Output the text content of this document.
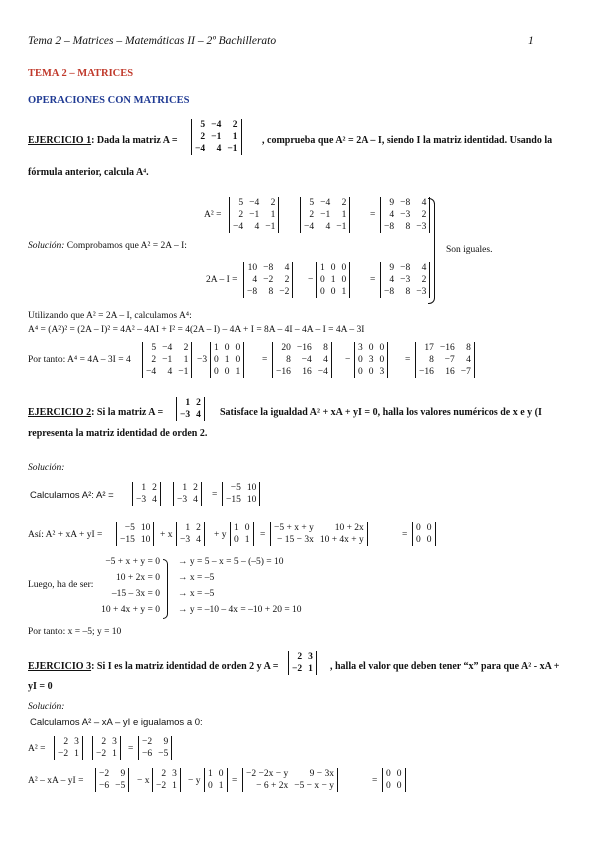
Tema 2 – Matrices – Matemáticas II – 2º Bachillerato	1
TEMA 2 – MATRICES
OPERACIONES CON MATRICES
EJERCICIO 1: Dada la matriz A =
5	−4	2
2	−1	1
−4	4	−1
, comprueba que A² = 2A – I, siendo I la matriz identidad. Usando la
fórmula anterior, calcula A⁴.
A² =
5	−4	2
2	−1	1
−4	4	−1
5	−4	2
2	−1	1
−4	4	−1
=
9	−8	4
4	−3	2
−8	8	−3
Solución: Comprobamos que A² = 2A – I:
2A – I =
10	−8	4
4	−2	2
−8	8	−2
−
1	0	0
0	1	0
0	0	1
=
9	−8	4
4	−3	2
−8	8	−3
Son iguales.
Utilizando que A² = 2A – I, calculamos A⁴:
A⁴ = (A²)² = (2A – I)² = 4A² – 4AI + I² = 4(2A – I) – 4A + I = 8A – 4I – 4A – I = 4A – 3I
Por tanto: A⁴ = 4A – 3I = 4
5	−4	2
2	−1	1
−4	4	−1
−3
1	0	0
0	1	0
0	0	1
=
20	−16	8
8	−4	4
−16	16	−4
−
3	0	0
0	3	0
0	0	3
=
17	−16	8
8	−7	4
−16	16	−7
EJERCICIO 2: Si la matriz A =
1	2
−3	4 Satisface la igualdad A² + xA + yI = 0, halla los valores numéricos de x e y (I
representa la matriz identidad de orden 2.
Solución:
Calculamos A²: A² =
1	2
−3	4
1	2
−3	4 =
−5	10
−15	10
Así: A² + xA + yI =
−5	10
−15	10 + x
1	2
−3	4 + y
1	0
0	1 =
−5 + x + y	10 + 2x
− 15 − 3x	10 + 4x + y	=
0	0
0	0
Luego, ha de ser:
−5 + x + y = 0 → y = 5 – x = 5 – (–5) = 10
10 + 2x = 0 → x = –5
–15 – 3x = 0 → x = –5
10 + 4x + y = 0 → y = –10 – 4x = –10 + 20 = 10
Por tanto: x = –5; y = 10
EJERCICIO 3: Si I es la matriz identidad de orden 2 y A =
2	3
−2	1 , halla el valor que deben tener “x” para que A² - xA +
yI = 0
Solución:
Calculamos A² – xA – yI e igualamos a 0:
A² =
2	3
−2	1
2	3
−2	1 =
−2	9
−6	−5
A² – xA – yI =
−2	9
−6	−5 − x
2	3
−2	1 − y
1	0
0	1 =
−2 −2x − y	9 − 3x
− 6 + 2x	−5 − x − y	=
0	0
0	0
